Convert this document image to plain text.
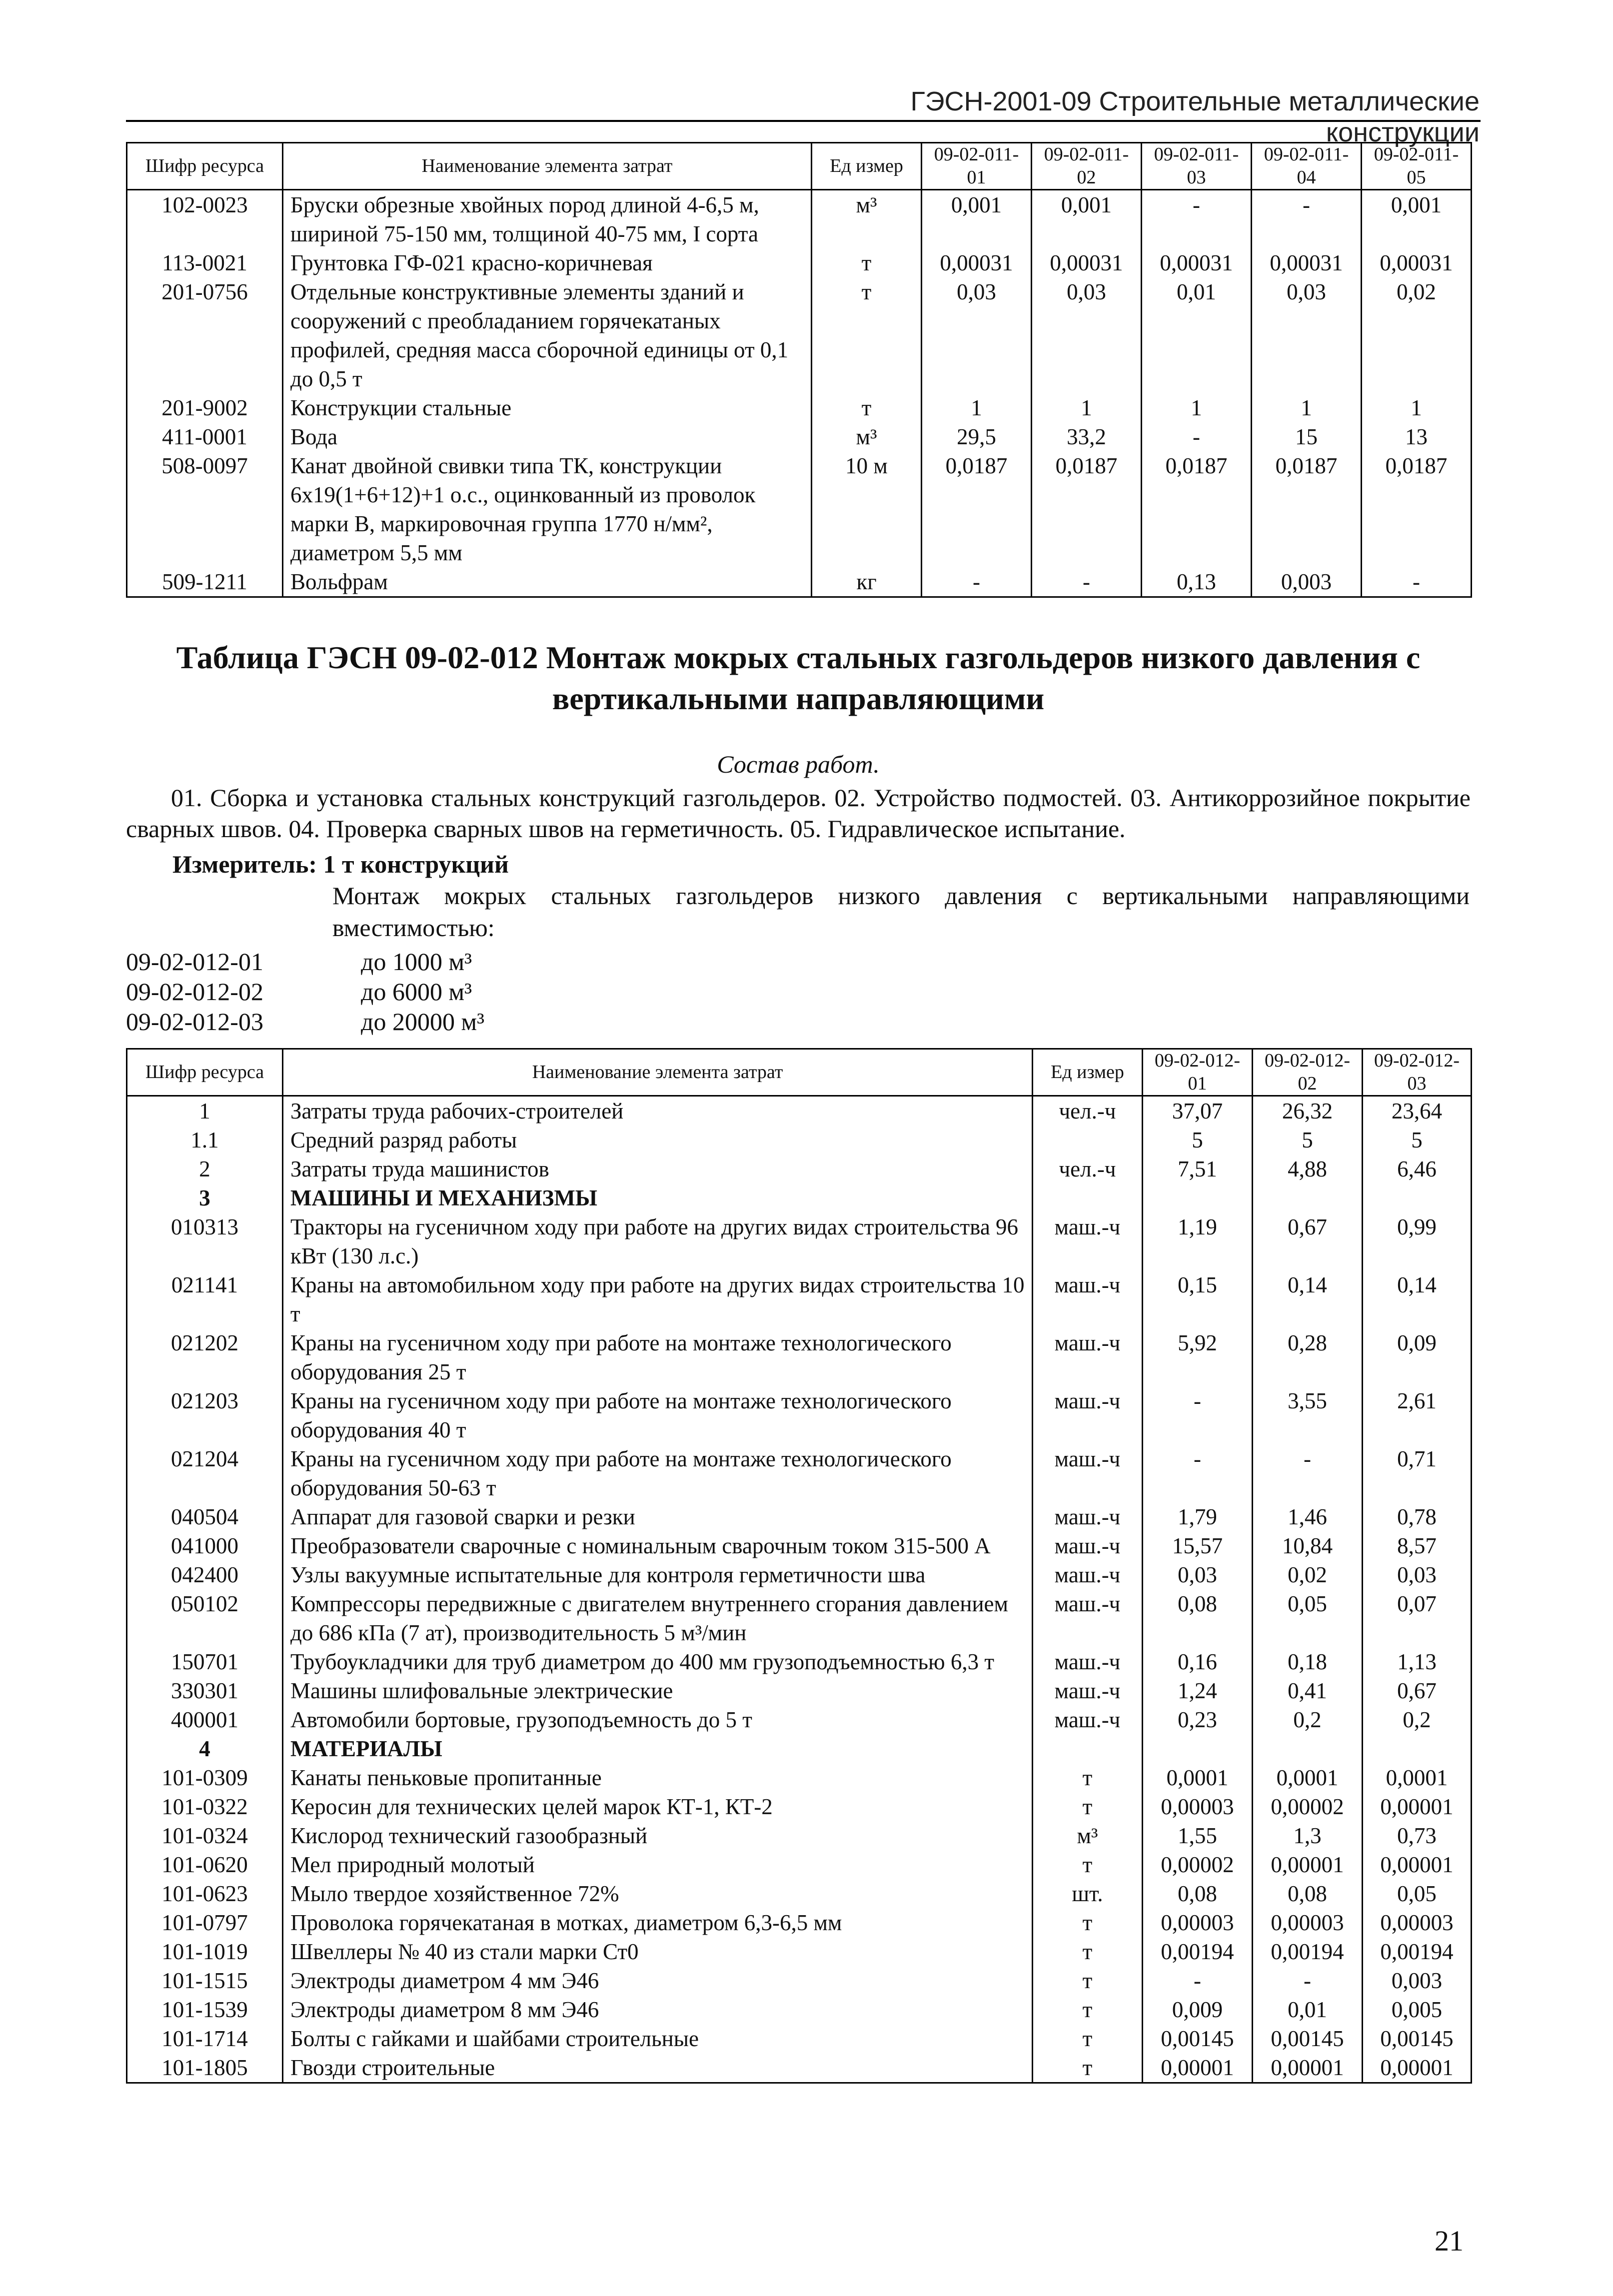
ГЭСН-2001-09 Строительные металлические конструкции
Шифр ресурса	Наименование элемента затрат	Ед измер	09-02-011-01	09-02-011-02	09-02-011-03	09-02-011-04	09-02-011-05
102-0023	Бруски обрезные хвойных пород длиной 4-6,5 м, шириной 75-150 мм, толщиной 40-75 мм, I сорта	м³	0,001	0,001	-	-	0,001
113-0021	Грунтовка ГФ-021 красно-коричневая	т	0,00031	0,00031	0,00031	0,00031	0,00031
201-0756	Отдельные конструктивные элементы зданий и сооружений с преобладанием горячекатаных профилей, средняя масса сборочной единицы от 0,1 до 0,5 т	т	0,03	0,03	0,01	0,03	0,02
201-9002	Конструкции стальные	т	1	1	1	1	1
411-0001	Вода	м³	29,5	33,2	-	15	13
508-0097	Канат двойной свивки типа ТК, конструкции 6х19(1+6+12)+1 о.с., оцинкованный из проволок марки В, маркировочная группа 1770 н/мм², диаметром 5,5 мм	10 м	0,0187	0,0187	0,0187	0,0187	0,0187
509-1211	Вольфрам	кг	-	-	0,13	0,003	-
Таблица ГЭСН 09-02-012 Монтаж мокрых стальных газгольдеров низкого давления с вертикальными направляющими
Состав работ.
01. Сборка и установка стальных конструкций газгольдеров. 02. Устройство подмостей. 03. Антикоррозийное покрытие сварных швов. 04. Проверка сварных швов на герметичность. 05. Гидравлическое испытание.
Измеритель: 1 т конструкций
Монтаж мокрых стальных газгольдеров низкого давления с вертикальными направляющими вместимостью:
09-02-012-01	до 1000 м³
09-02-012-02	до 6000 м³
09-02-012-03	до 20000 м³
Шифр ресурса	Наименование элемента затрат	Ед измер	09-02-012-01	09-02-012-02	09-02-012-03
1	Затраты труда рабочих-строителей	чел.-ч	37,07	26,32	23,64
1.1	Средний разряд работы		5	5	5
2	Затраты труда машинистов	чел.-ч	7,51	4,88	6,46
3	МАШИНЫ И МЕХАНИЗМЫ				
010313	Тракторы на гусеничном ходу при работе на других видах строительства 96 кВт (130 л.с.)	маш.-ч	1,19	0,67	0,99
021141	Краны на автомобильном ходу при работе на других видах строительства 10 т	маш.-ч	0,15	0,14	0,14
021202	Краны на гусеничном ходу при работе на монтаже технологического оборудования 25 т	маш.-ч	5,92	0,28	0,09
021203	Краны на гусеничном ходу при работе на монтаже технологического оборудования 40 т	маш.-ч	-	3,55	2,61
021204	Краны на гусеничном ходу при работе на монтаже технологического оборудования 50-63 т	маш.-ч	-	-	0,71
040504	Аппарат для газовой сварки и резки	маш.-ч	1,79	1,46	0,78
041000	Преобразователи сварочные с номинальным сварочным током 315-500 А	маш.-ч	15,57	10,84	8,57
042400	Узлы вакуумные испытательные для контроля герметичности шва	маш.-ч	0,03	0,02	0,03
050102	Компрессоры передвижные с двигателем внутреннего сгорания давлением до 686 кПа (7 ат), производительность 5 м³/мин	маш.-ч	0,08	0,05	0,07
150701	Трубоукладчики для труб диаметром до 400 мм грузоподъемностью 6,3 т	маш.-ч	0,16	0,18	1,13
330301	Машины шлифовальные электрические	маш.-ч	1,24	0,41	0,67
400001	Автомобили бортовые, грузоподъемность до 5 т	маш.-ч	0,23	0,2	0,2
4	МАТЕРИАЛЫ				
101-0309	Канаты пеньковые пропитанные	т	0,0001	0,0001	0,0001
101-0322	Керосин для технических целей марок КТ-1, КТ-2	т	0,00003	0,00002	0,00001
101-0324	Кислород технический газообразный	м³	1,55	1,3	0,73
101-0620	Мел природный молотый	т	0,00002	0,00001	0,00001
101-0623	Мыло твердое хозяйственное 72%	шт.	0,08	0,08	0,05
101-0797	Проволока горячекатаная в мотках, диаметром 6,3-6,5 мм	т	0,00003	0,00003	0,00003
101-1019	Швеллеры № 40 из стали марки Ст0	т	0,00194	0,00194	0,00194
101-1515	Электроды диаметром 4 мм Э46	т	-	-	0,003
101-1539	Электроды диаметром 8 мм Э46	т	0,009	0,01	0,005
101-1714	Болты с гайками и шайбами строительные	т	0,00145	0,00145	0,00145
101-1805	Гвозди строительные	т	0,00001	0,00001	0,00001
21
